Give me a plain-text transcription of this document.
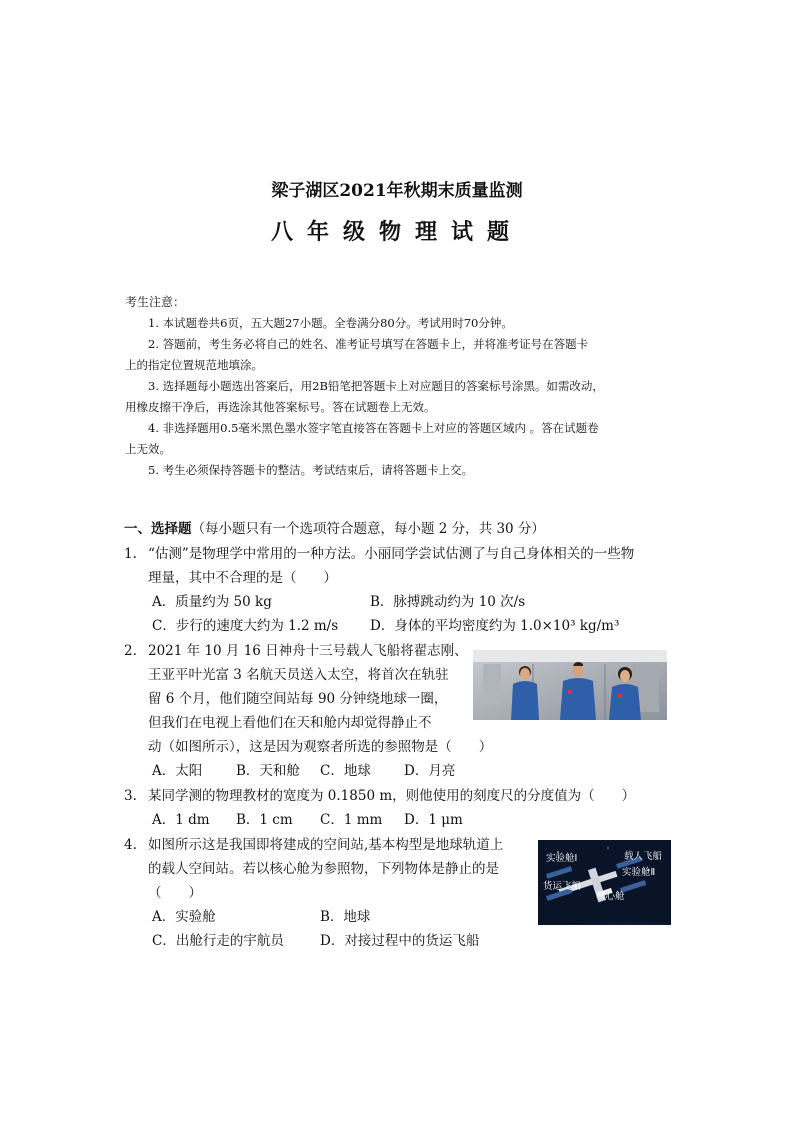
梁子湖区2021年秋期末质量监测
八年级物理试题
考生注意：
1. 本试题卷共6页，五大题27小题。全卷满分80分。考试用时70分钟。
2. 答题前，考生务必将自己的姓名、准考证号填写在答题卡上，并将准考证号在答题卡
上的指定位置规范地填涂。
3. 选择题每小题选出答案后，用2B铅笔把答题卡上对应题目的答案标号涂黑。如需改动，
用橡皮擦干净后，再选涂其他答案标号。答在试题卷上无效。
4. 非选择题用0.5毫米黑色墨水签字笔直接答在答题卡上对应的答题区域内 。答在试题卷
上无效。
5. 考生必须保持答题卡的整洁。考试结束后，请将答题卡上交。
一、选择题（每小题只有一个选项符合题意，每小题 2 分，共 30 分）
1. “估测”是物理学中常用的一种方法。小丽同学尝试估测了与自己身体相关的一些物
理量，其中不合理的是（　　）
A．质量约为 50 kg	B．脉搏跳动约为 10 次/s
C．步行的速度大约为 1.2 m/s D．身体的平均密度约为 1.0×10³ kg/m³
2. 2021 年 10 月 16 日神舟十三号载人飞船将翟志刚、
王亚平叶光富 3 名航天员送入太空，将首次在轨驻
留 6 个月，他们随空间站每 90 分钟绕地球一圈，
但我们在电视上看他们在天和舱内却觉得静止不
动（如图所示），这是因为观察者所选的参照物是（　　）
A．太阳	B．天和舱 C．地球 D．月亮
3. 某同学测的物理教材的宽度为 0.1850 m，则他使用的刻度尺的分度值为（　　）
A．1 dm B．1 cm C．1 mm D．1 μm
4. 如图所示这是我国即将建成的空间站,基本构型是地球轨道上
的载人空间站。若以核心舱为参照物，下列物体是静止的是
（　　）
A．实验舱	B．地球
C．出舱行走的宇航员	D．对接过程中的货运飞船
实验舱Ⅰ	载人飞船
实验舱Ⅱ
货运飞船
核心舱
